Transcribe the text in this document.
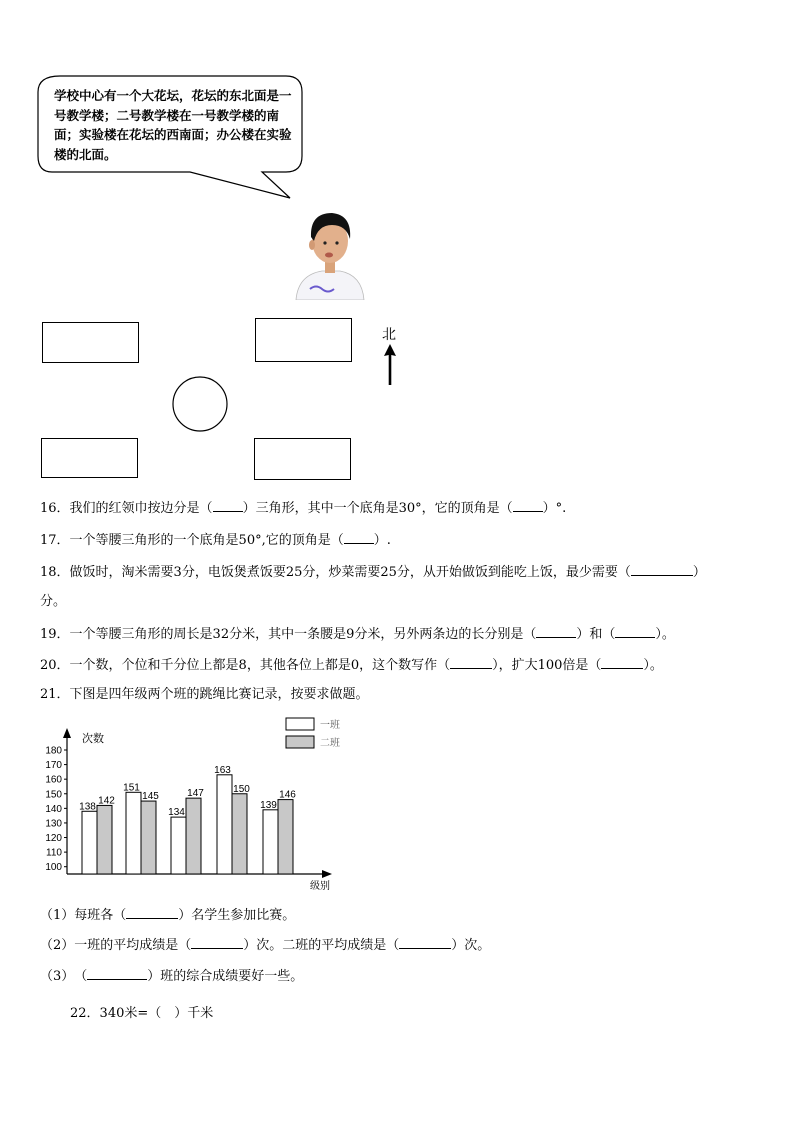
学校中心有一个大花坛，花坛的东北面是一号教学楼；二号教学楼在一号教学楼的南面；实验楼在花坛的西南面；办公楼在实验楼的北面。
北
16．我们的红领巾按边分是（ ）三角形，其中一个底角是30°，它的顶角是（ ）°.
17．一个等腰三角形的一个底角是50°,它的顶角是（ ）.
18．做饭时，淘米需要3分，电饭煲煮饭要25分，炒菜需要25分，从开始做饭到能吃上饭，最少需要（	）
分。
19．一个等腰三角形的周长是32分米，其中一条腰是9分米，另外两条边的长分别是（	）和（	）。
20．一个数，个位和千分位上都是8，其他各位上都是0，这个数写作（	），扩大100倍是（	）。
21．下图是四年级两个班的跳绳比赛记录，按要求做题。
次数
级别
100
110
120
130
140
150
160
170
180
138
151
134
163
139
142	145	147	150
146
一班
二班
（1）每班各（	）名学生参加比赛。
（2）一班的平均成绩是（	）次。二班的平均成绩是（	）次。
（3）　（	）班的综合成绩要好一些。
22．340米=（　）千米
